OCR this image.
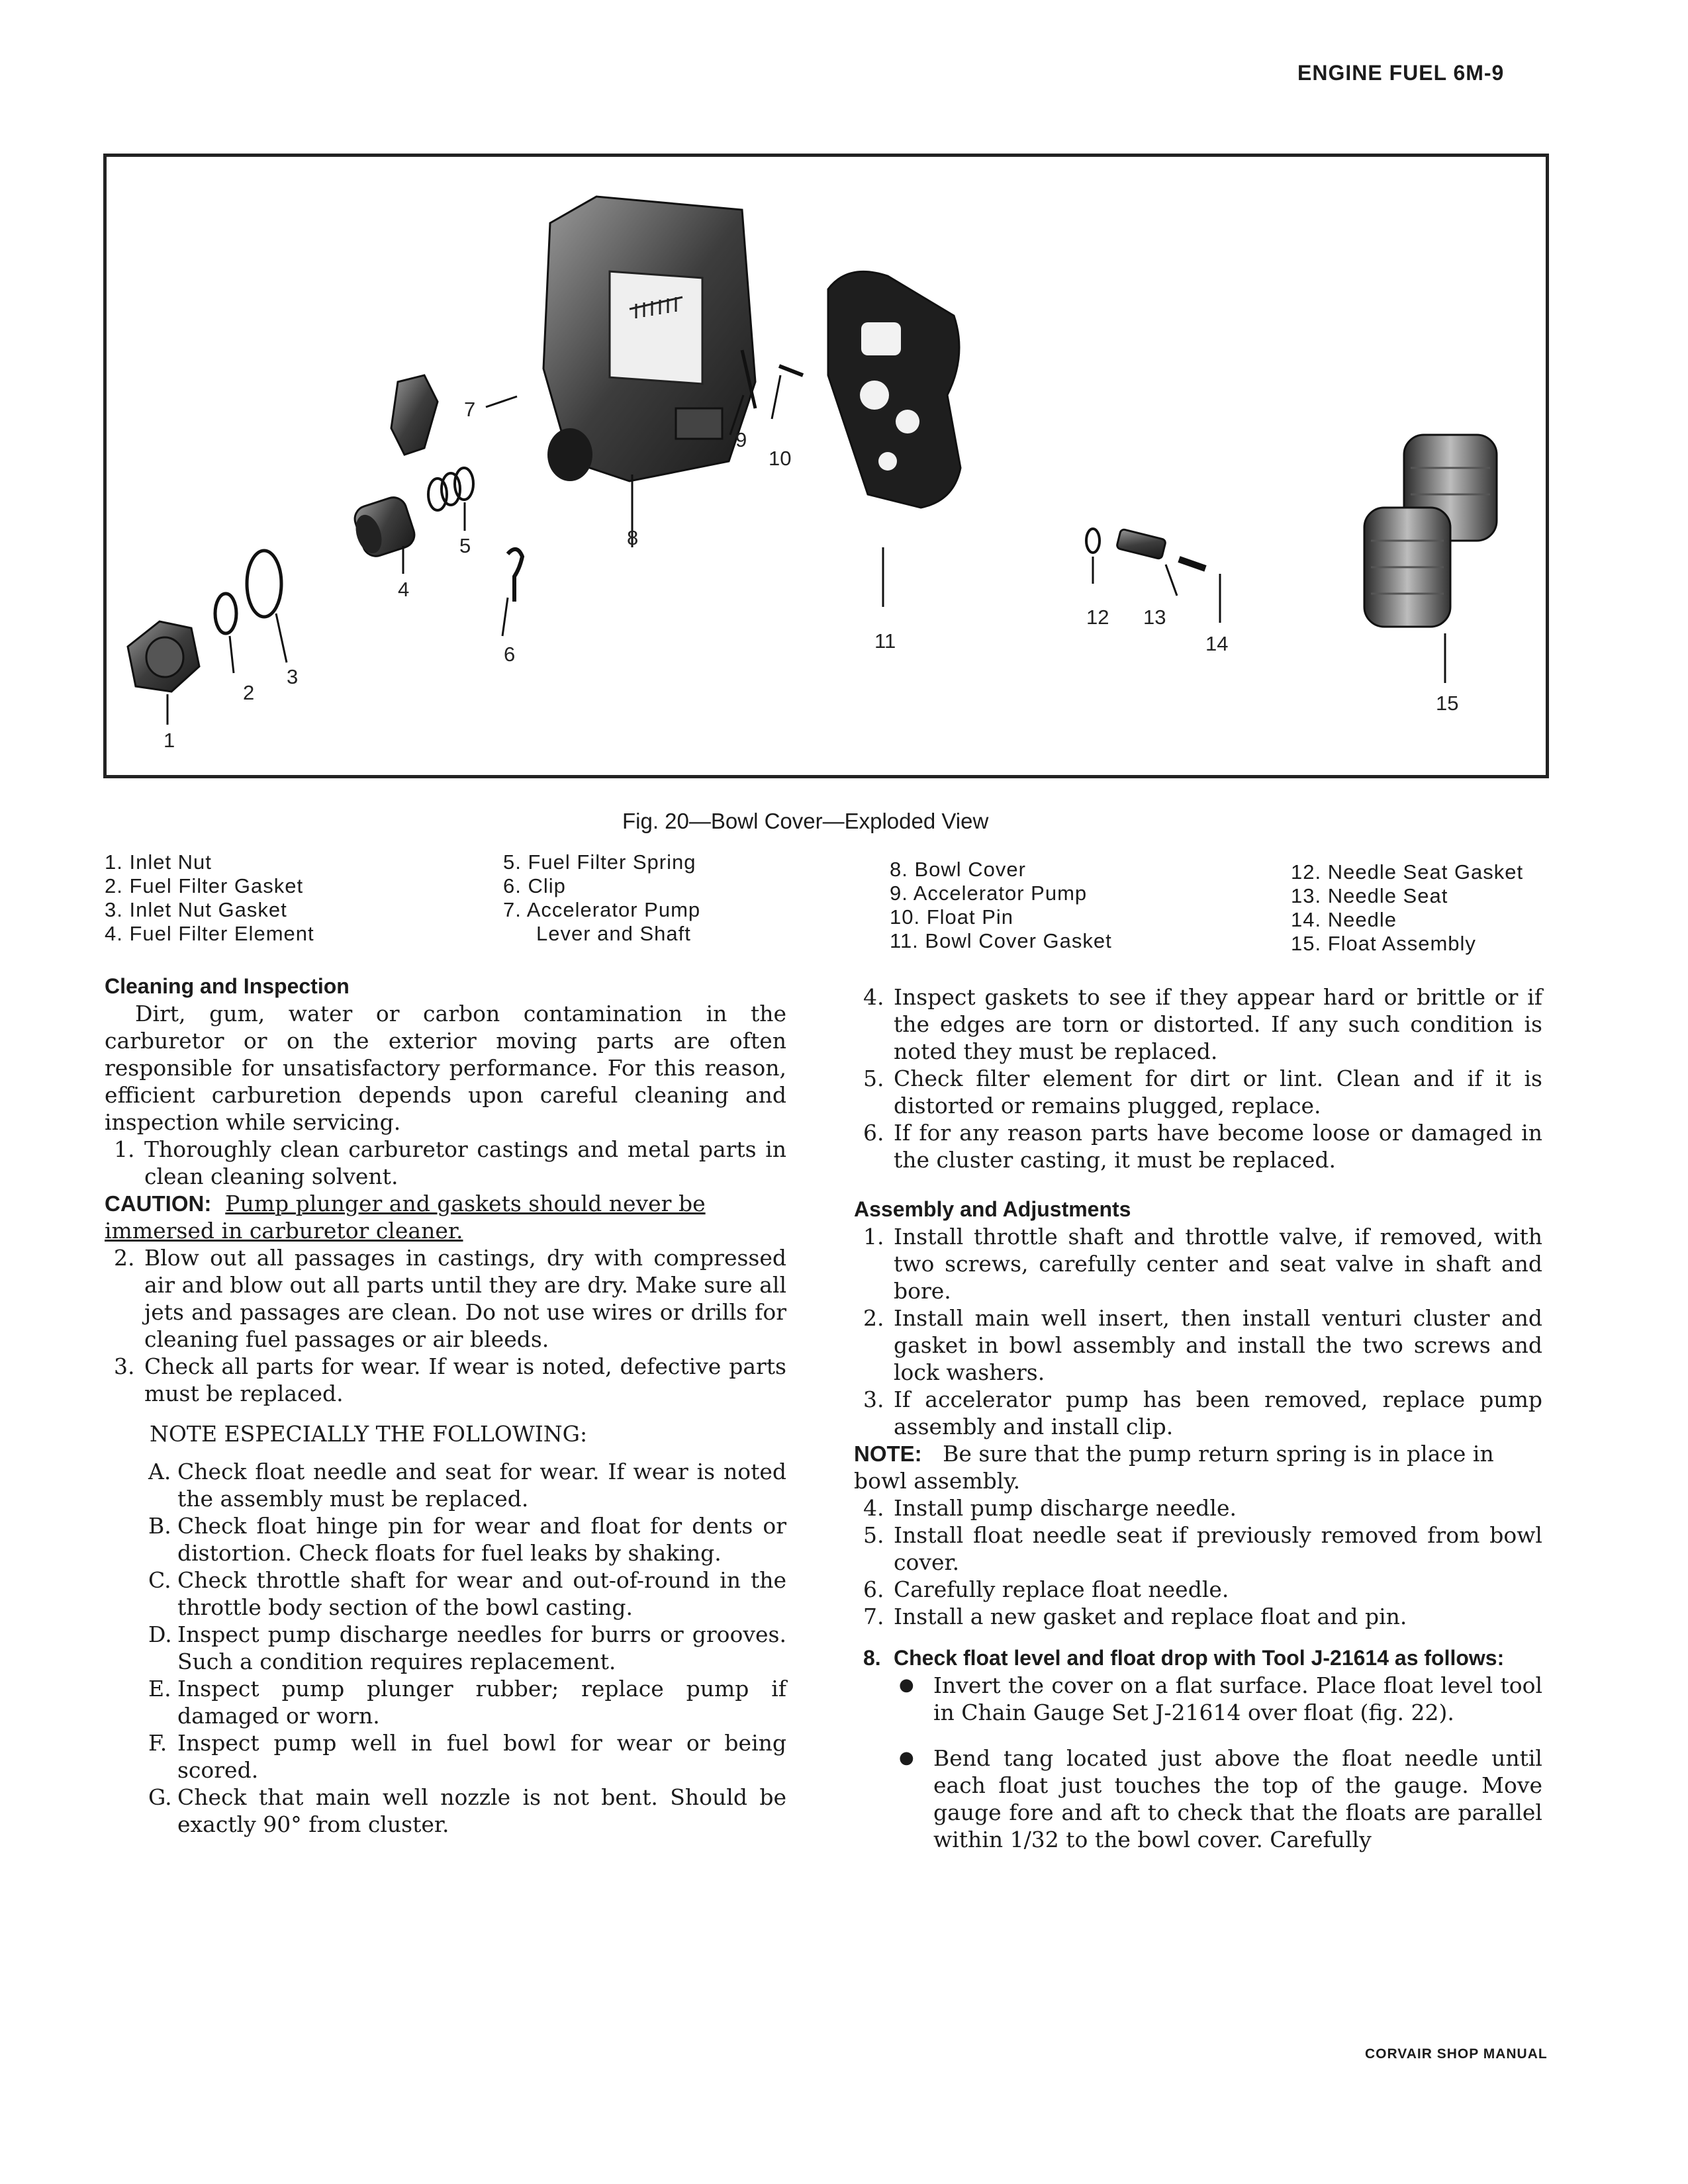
ENGINE FUEL 6M-9
1
2
3
4
5
6
7
8
9
10
11
12 13
14
15
Fig. 20—Bowl Cover—Exploded View
1. Inlet Nut
2. Fuel Filter Gasket
3. Inlet Nut Gasket
4. Fuel Filter Element
5. Fuel Filter Spring
6. Clip
7. Accelerator Pump
Lever and Shaft
8. Bowl Cover
9. Accelerator Pump
10. Float Pin
11. Bowl Cover Gasket
12. Needle Seat Gasket
13. Needle Seat
14. Needle
15. Float Assembly

Cleaning and Inspection

Dirt, gum, water or carbon contamination in the carburetor or on the exterior moving parts are often responsible for unsatisfactory performance. For this reason, efficient carburetion depends upon careful cleaning and inspection while servicing.

1. Thoroughly clean carburetor castings and metal parts in clean cleaning solvent.

CAUTION: Pump plunger and gaskets should never be immersed in carburetor cleaner.

2. Blow out all passages in castings, dry with compressed air and blow out all parts until they are dry. Make sure all jets and passages are clean. Do not use wires or drills for cleaning fuel passages or air bleeds.

3. Check all parts for wear. If wear is noted, defective parts must be replaced.

NOTE ESPECIALLY THE FOLLOWING:

A. Check float needle and seat for wear. If wear is noted the assembly must be replaced.

B. Check float hinge pin for wear and float for dents or distortion. Check floats for fuel leaks by shaking.

C. Check throttle shaft for wear and out-of-round in the throttle body section of the bowl casting.

D. Inspect pump discharge needles for burrs or grooves. Such a condition requires replacement.

E. Inspect pump plunger rubber; replace pump if damaged or worn.

F. Inspect pump well in fuel bowl for wear or being scored.

G. Check that main well nozzle is not bent. Should be exactly 90° from cluster.

4. Inspect gaskets to see if they appear hard or brittle or if the edges are torn or distorted. If any such condition is noted they must be replaced.

5. Check filter element for dirt or lint. Clean and if it is distorted or remains plugged, replace.

6. If for any reason parts have become loose or damaged in the cluster casting, it must be replaced.

Assembly and Adjustments

1. Install throttle shaft and throttle valve, if removed, with two screws, carefully center and seat valve in shaft and bore.

2. Install main well insert, then install venturi cluster and gasket in bowl assembly and install the two screws and lock washers.

3. If accelerator pump has been removed, replace pump assembly and install clip.

NOTE: Be sure that the pump return spring is in place in bowl assembly.

4. Install pump discharge needle.

5. Install float needle seat if previously removed from bowl cover.

6. Carefully replace float needle.

7. Install a new gasket and replace float and pin.

8. Check float level and float drop with Tool J-21614 as follows:

● Invert the cover on a flat surface. Place float level tool in Chain Gauge Set J-21614 over float (fig. 22).

● Bend tang located just above the float needle until each float just touches the top of the gauge. Move gauge fore and aft to check that the floats are parallel within 1/32 to the bowl cover. Carefully

CORVAIR SHOP MANUAL
